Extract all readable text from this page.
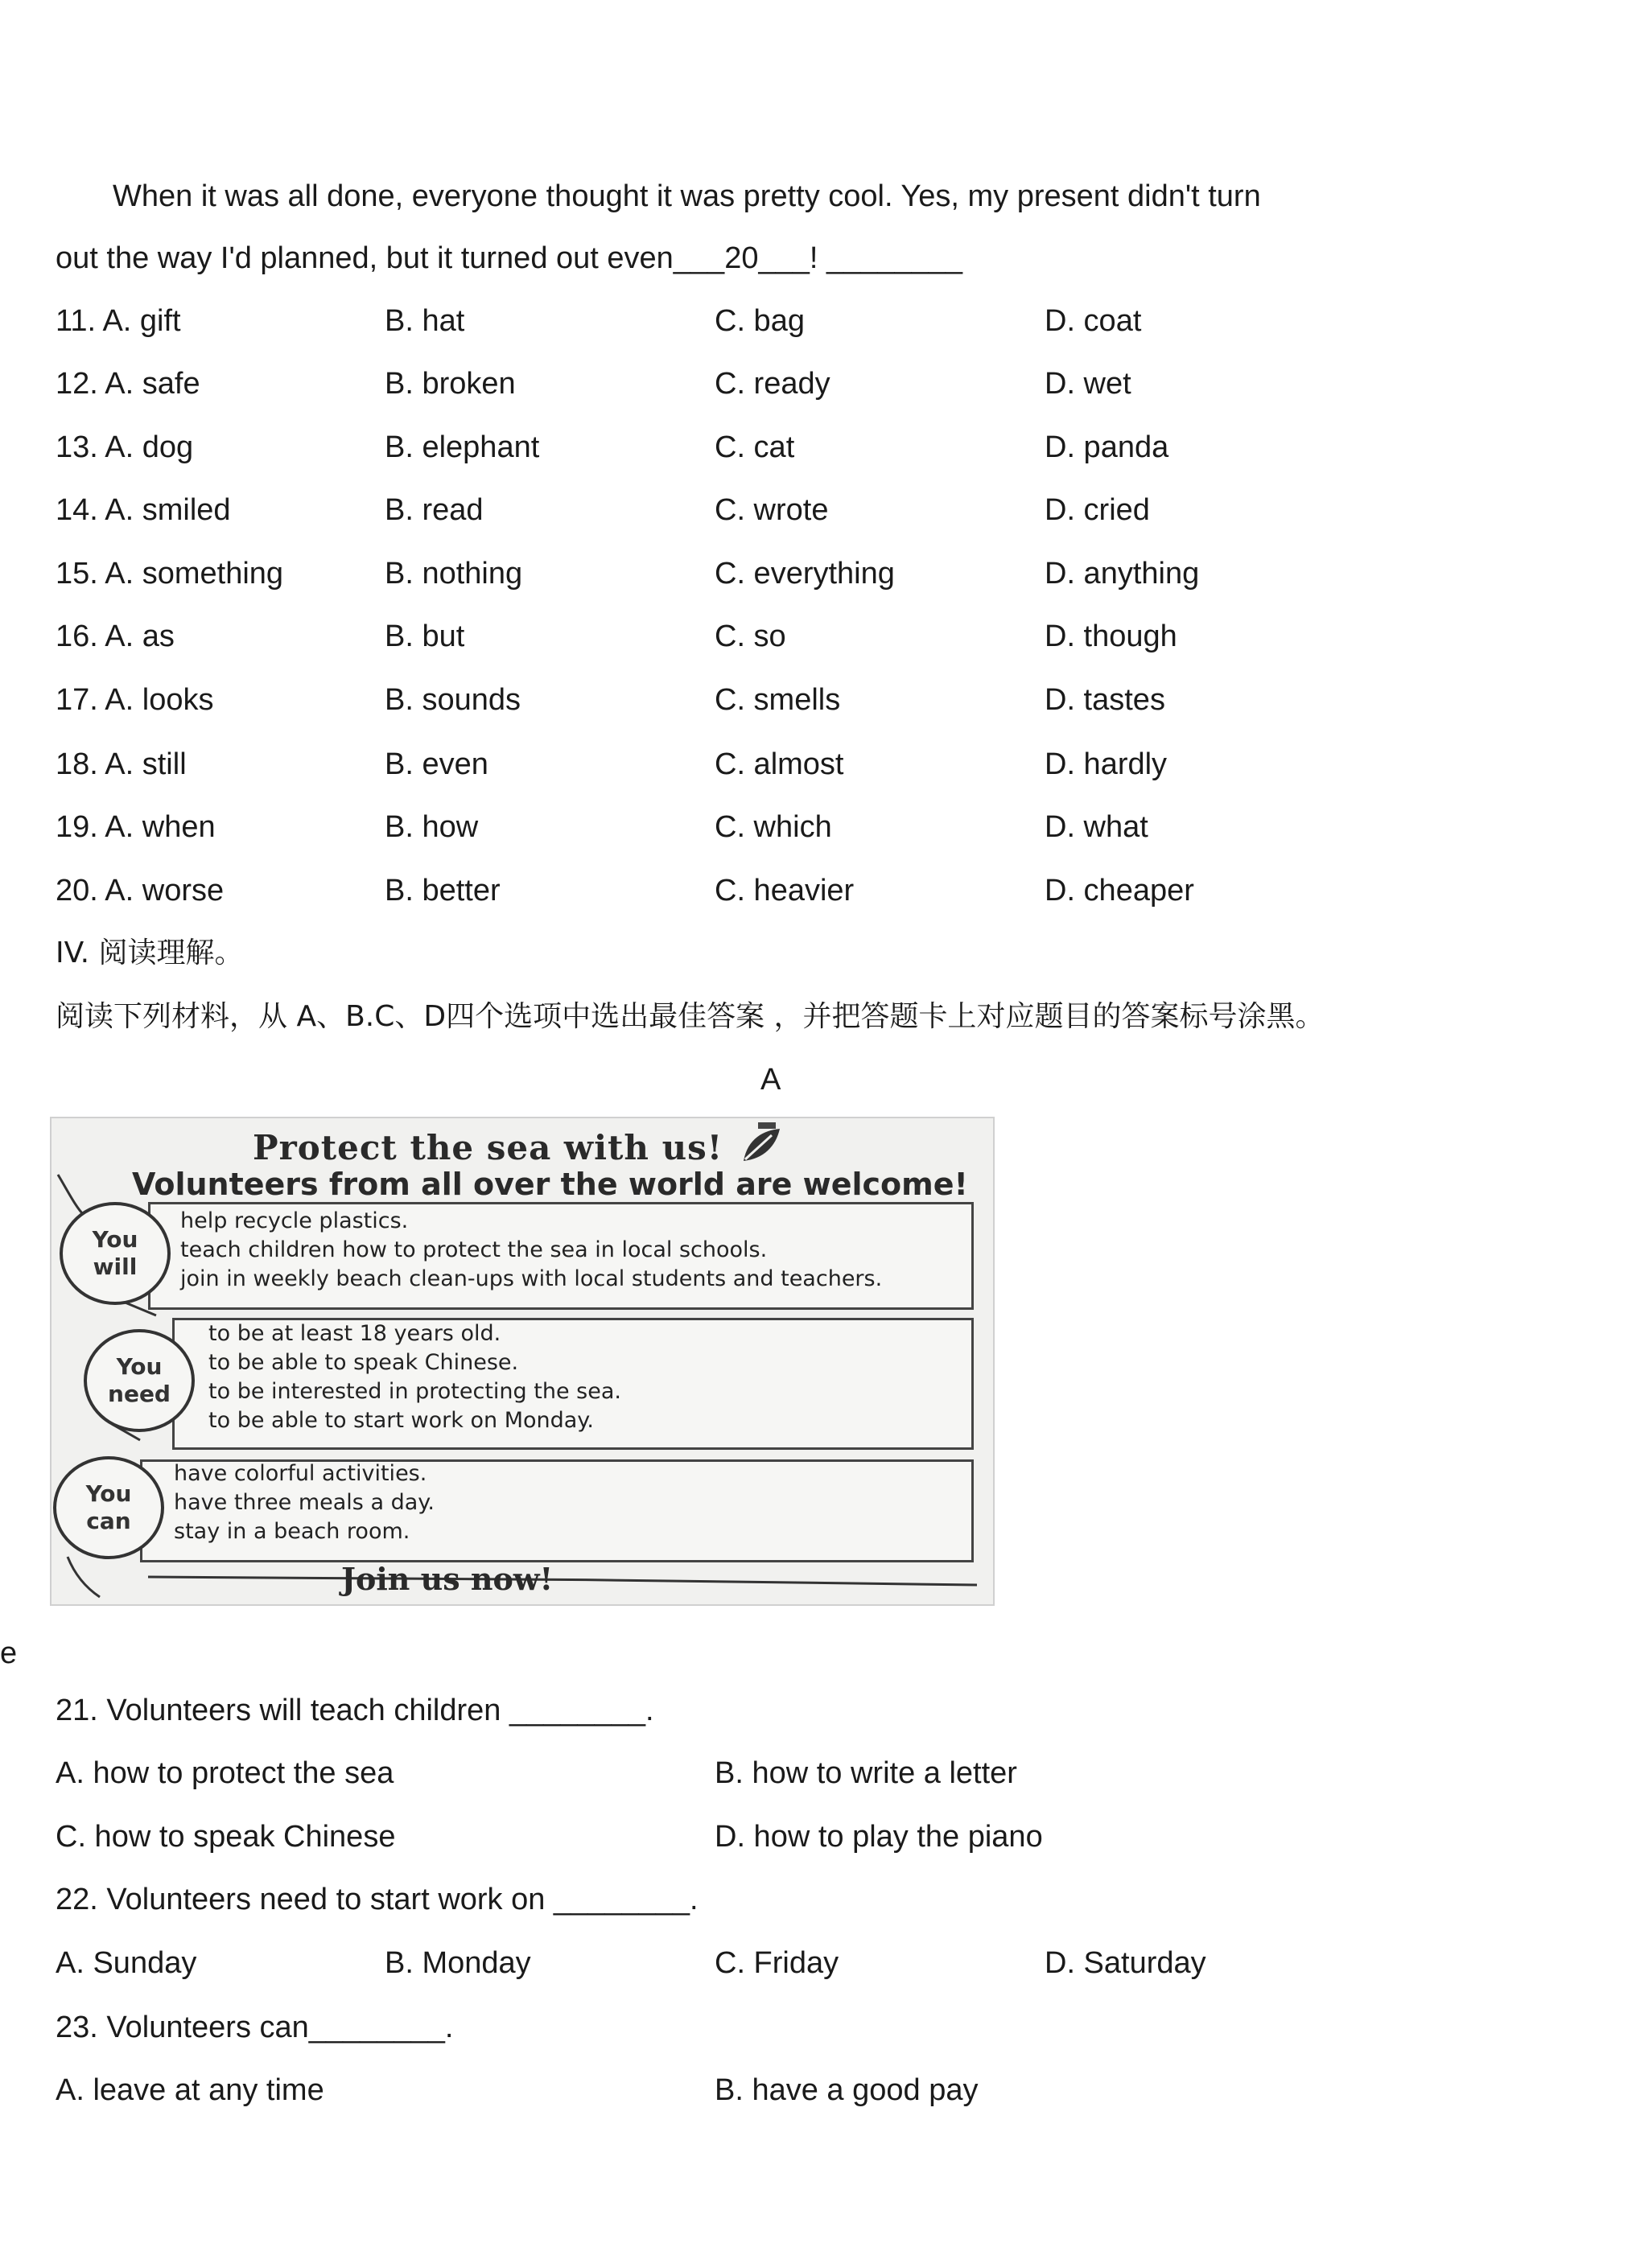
When it was all done, everyone thought it was pretty cool. Yes, my present didn't turn
out the way I'd planned, but it turned out even___20___! ________
11. A. gift	B. hat	C. bag	D. coat
12. A. safe	B. broken	C. ready	D. wet
13. A. dog	B. elephant	C. cat	D. panda
14. A. smiled	B. read	C. wrote	D. cried
15. A. something	B. nothing	C. everything	D. anything
16. A. as	B. but	C. so	D. though
17. A. looks	B. sounds	C. smells	D. tastes
18. A. still	B. even	C. almost	D. hardly
19. A. when	B. how	C. which	D. what
20. A. worse	B. better	C. heavier	D. cheaper
IV. 阅读理解。
阅读下列材料，从 A、B.C、D四个选项中选出最佳答案 ，并把答题卡上对应题目的答案标号涂黑。
A
Protect the sea with us!
Volunteers from all over the world are welcome!
You
will
help recycle plastics.
teach children how to protect the sea in local schools.
join in weekly beach clean-ups with local students and teachers.
You
need
to be at least 18 years old.
to be able to speak Chinese.
to be interested in protecting the sea.
to be able to start work on Monday.
You
can
have colorful activities.
have three meals a day.
stay in a beach room.
Join us now!
e
21. Volunteers will teach children ________.
A. how to protect the sea	B. how to write a letter
C. how to speak Chinese	D. how to play the piano
22. Volunteers need to start work on ________.
A. Sunday	B. Monday	C. Friday	D. Saturday
23. Volunteers can________.
A. leave at any time	B. have a good pay
